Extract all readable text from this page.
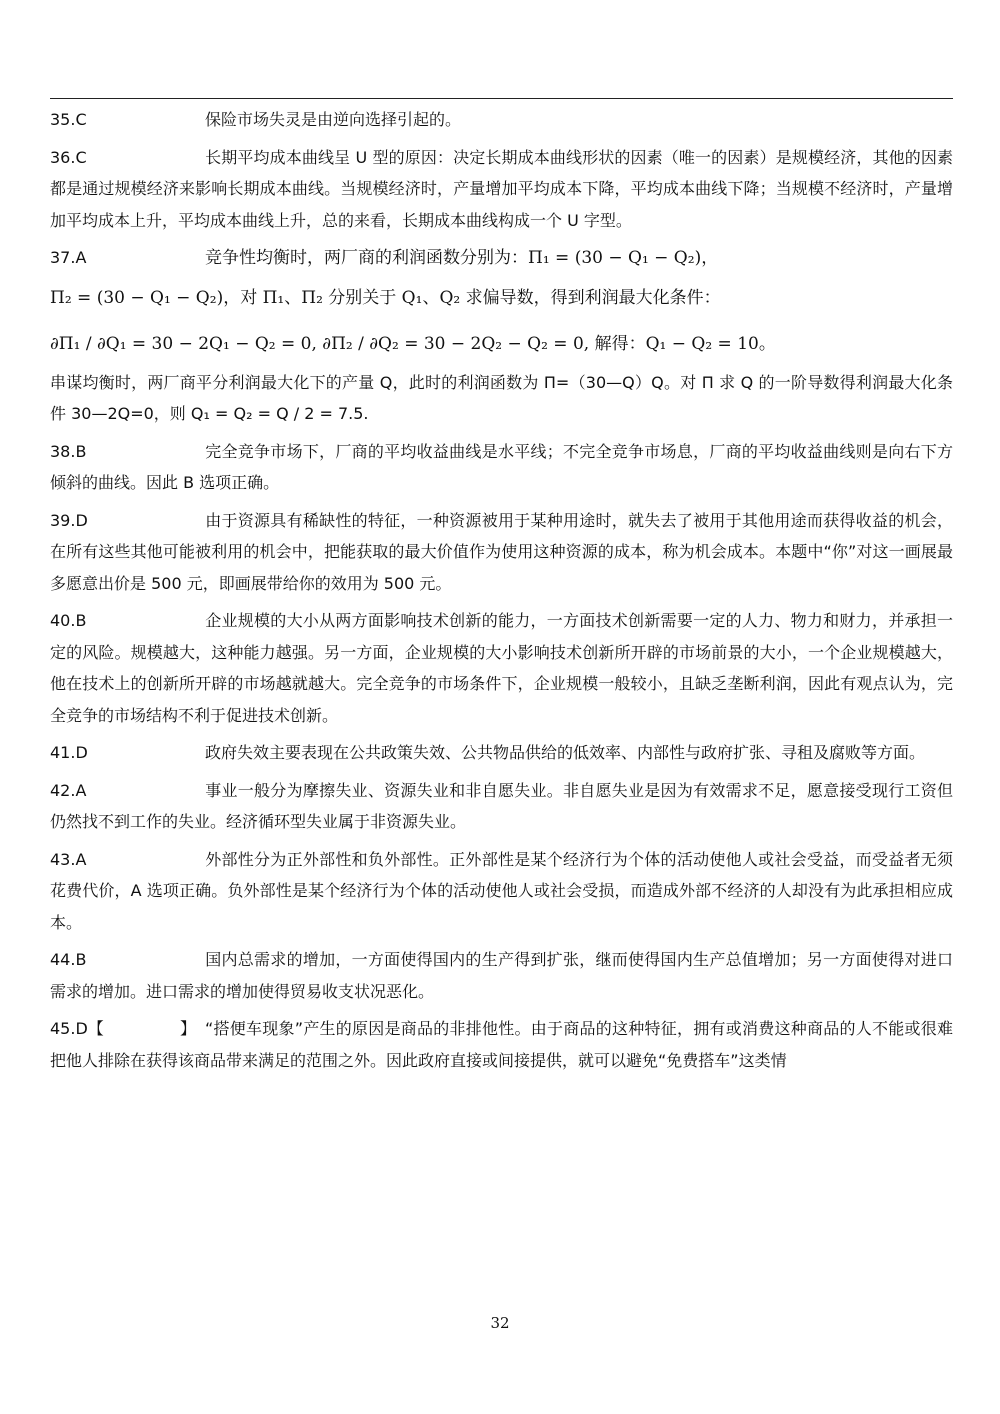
35.C	保险市场失灵是由逆向选择引起的。

36.C	长期平均成本曲线呈 U 型的原因：决定长期成本曲线形状的因素（唯一的因素）是规模经济，其他的因素都是通过规模经济来影响长期成本曲线。当规模经济时，产量增加平均成本下降，平均成本曲线下降；当规模不经济时，产量增加平均成本上升，平均成本曲线上升，总的来看，长期成本曲线构成一个 U 字型。

37.A	竞争性均衡时，两厂商的利润函数分别为：Π₁ = (30 − Q₁ − Q₂)，
Π₂ = (30 − Q₁ − Q₂)，对 Π₁、Π₂ 分别关于 Q₁、Q₂ 求偏导数，得到利润最大化条件：
∂Π₁ / ∂Q₁ = 30 − 2Q₁ − Q₂ = 0, ∂Π₂ / ∂Q₂ = 30 − 2Q₂ − Q₂ = 0, 解得：Q₁ − Q₂ = 10。
串谋均衡时，两厂商平分利润最大化下的产量 Q，此时的利润函数为 Π=（30—Q）Q。对 Π 求 Q 的一阶导数得利润最大化条件 30—2Q=0，则 Q₁ = Q₂ = Q / 2 = 7.5.

38.B	完全竞争市场下，厂商的平均收益曲线是水平线；不完全竞争市场息，厂商的平均收益曲线则是向右下方倾斜的曲线。因此 B 选项正确。

39.D	由于资源具有稀缺性的特征，一种资源被用于某种用途时，就失去了被用于其他用途而获得收益的机会，在所有这些其他可能被利用的机会中，把能获取的最大价值作为使用这种资源的成本，称为机会成本。本题中“你”对这一画展最多愿意出价是 500 元，即画展带给你的效用为 500 元。

40.B	企业规模的大小从两方面影响技术创新的能力，一方面技术创新需要一定的人力、物力和财力，并承担一定的风险。规模越大，这种能力越强。另一方面，企业规模的大小影响技术创新所开辟的市场前景的大小，一个企业规模越大，他在技术上的创新所开辟的市场越就越大。完全竞争的市场条件下，企业规模一般较小，且缺乏垄断利润，因此有观点认为，完全竞争的市场结构不利于促进技术创新。

41.D	政府失效主要表现在公共政策失效、公共物品供给的低效率、内部性与政府扩张、寻租及腐败等方面。

42.A	事业一般分为摩擦失业、资源失业和非自愿失业。非自愿失业是因为有效需求不足，愿意接受现行工资但仍然找不到工作的失业。经济循环型失业属于非资源失业。

43.A	外部性分为正外部性和负外部性。正外部性是某个经济行为个体的活动使他人或社会受益，而受益者无须花费代价，A 选项正确。负外部性是某个经济行为个体的活动使他人或社会受损，而造成外部不经济的人却没有为此承担相应成本。

44.B	国内总需求的增加，一方面使得国内的生产得到扩张，继而使得国内生产总值增加；另一方面使得对进口需求的增加。进口需求的增加使得贸易收支状况恶化。

45.D【               】 “搭便车现象”产生的原因是商品的非排他性。由于商品的这种特征，拥有或消费这种商品的人不能或很难把他人排除在获得该商品带来满足的范围之外。因此政府直接或间接提供，就可以避免“免费搭车”这类情

32
